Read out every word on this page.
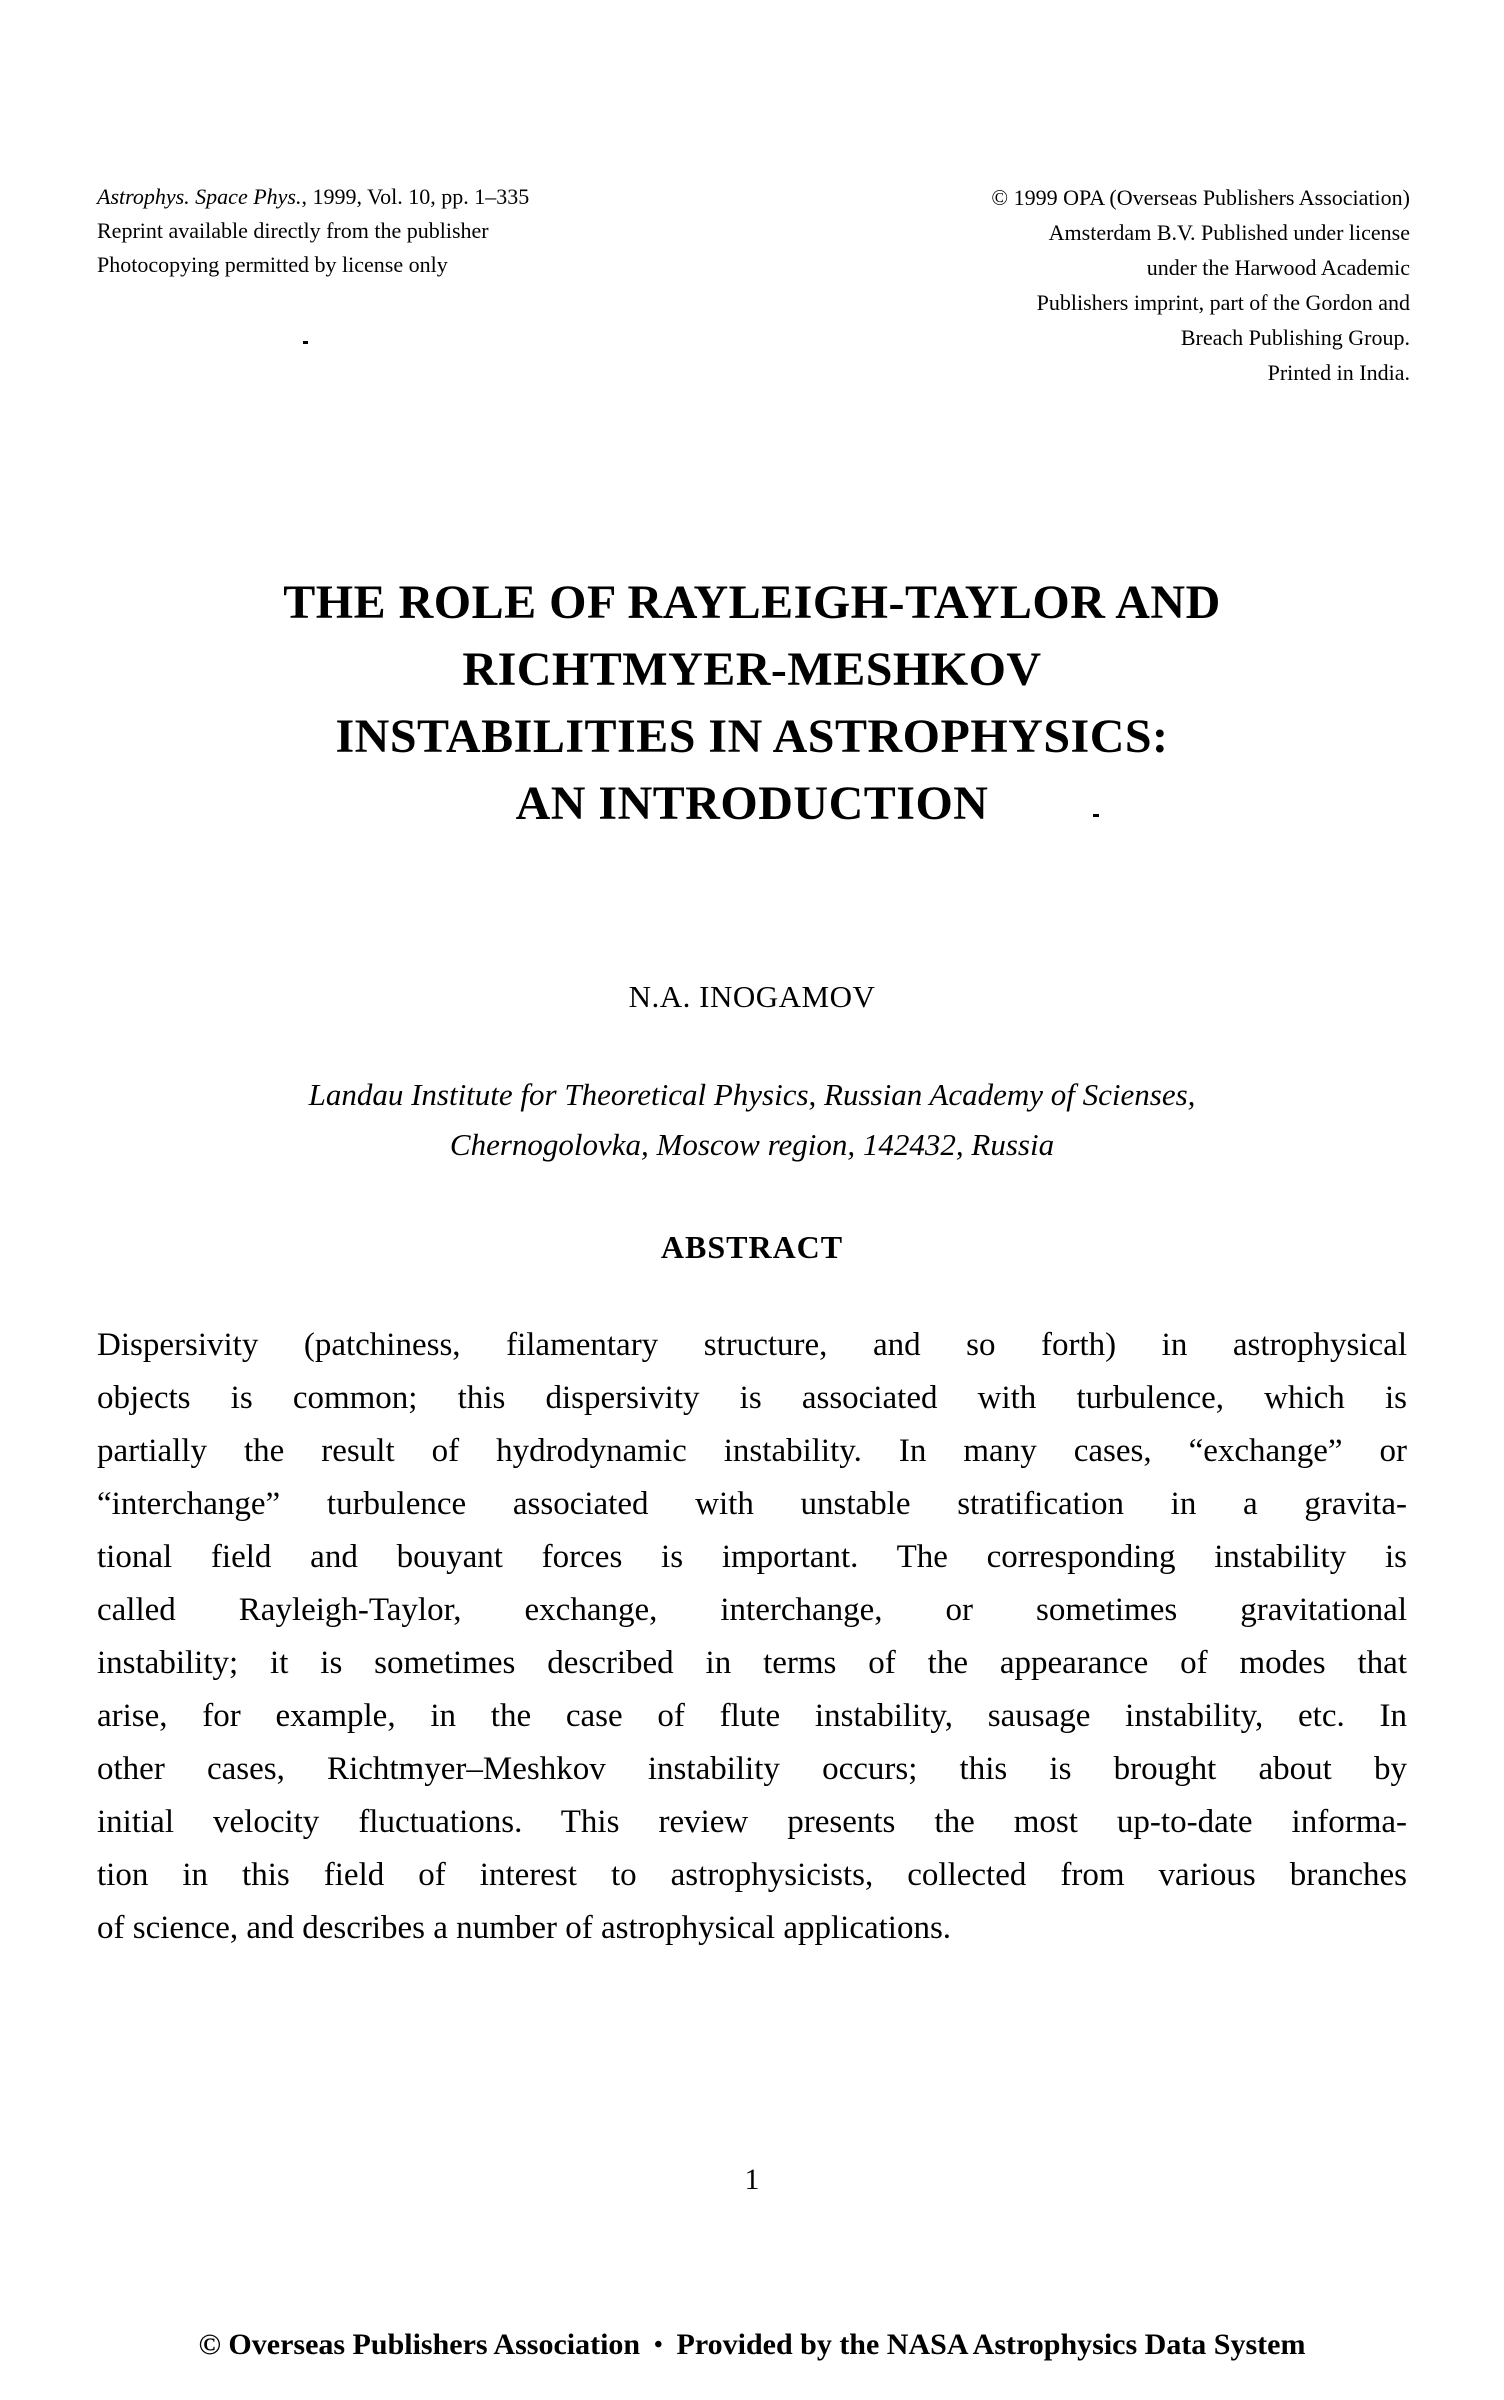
Astrophys. Space Phys., 1999, Vol. 10, pp. 1–335
Reprint available directly from the publisher
Photocopying permitted by license only
© 1999 OPA (Overseas Publishers Association)
Amsterdam B.V. Published under license
under the Harwood Academic
Publishers imprint, part of the Gordon and
Breach Publishing Group.
Printed in India.
THE ROLE OF RAYLEIGH-TAYLOR AND
RICHTMYER-MESHKOV
INSTABILITIES IN ASTROPHYSICS:
AN INTRODUCTION
N.A. INOGAMOV
Landau Institute for Theoretical Physics, Russian Academy of Scienses,
Chernogolovka, Moscow region, 142432, Russia
ABSTRACT
Dispersivity (patchiness, filamentary structure, and so forth) in astrophysical
objects is common; this dispersivity is associated with turbulence, which is
partially the result of hydrodynamic instability. In many cases, “exchange” or
“interchange” turbulence associated with unstable stratification in a gravita-
tional field and bouyant forces is important. The corresponding instability is
called Rayleigh-Taylor, exchange, interchange, or sometimes gravitational
instability; it is sometimes described in terms of the appearance of modes that
arise, for example, in the case of flute instability, sausage instability, etc. In
other cases, Richtmyer–Meshkov instability occurs; this is brought about by
initial velocity fluctuations. This review presents the most up-to-date informa-
tion in this field of interest to astrophysicists, collected from various branches
of science, and describes a number of astrophysical applications.
1
© Overseas Publishers Association • Provided by the NASA Astrophysics Data System
